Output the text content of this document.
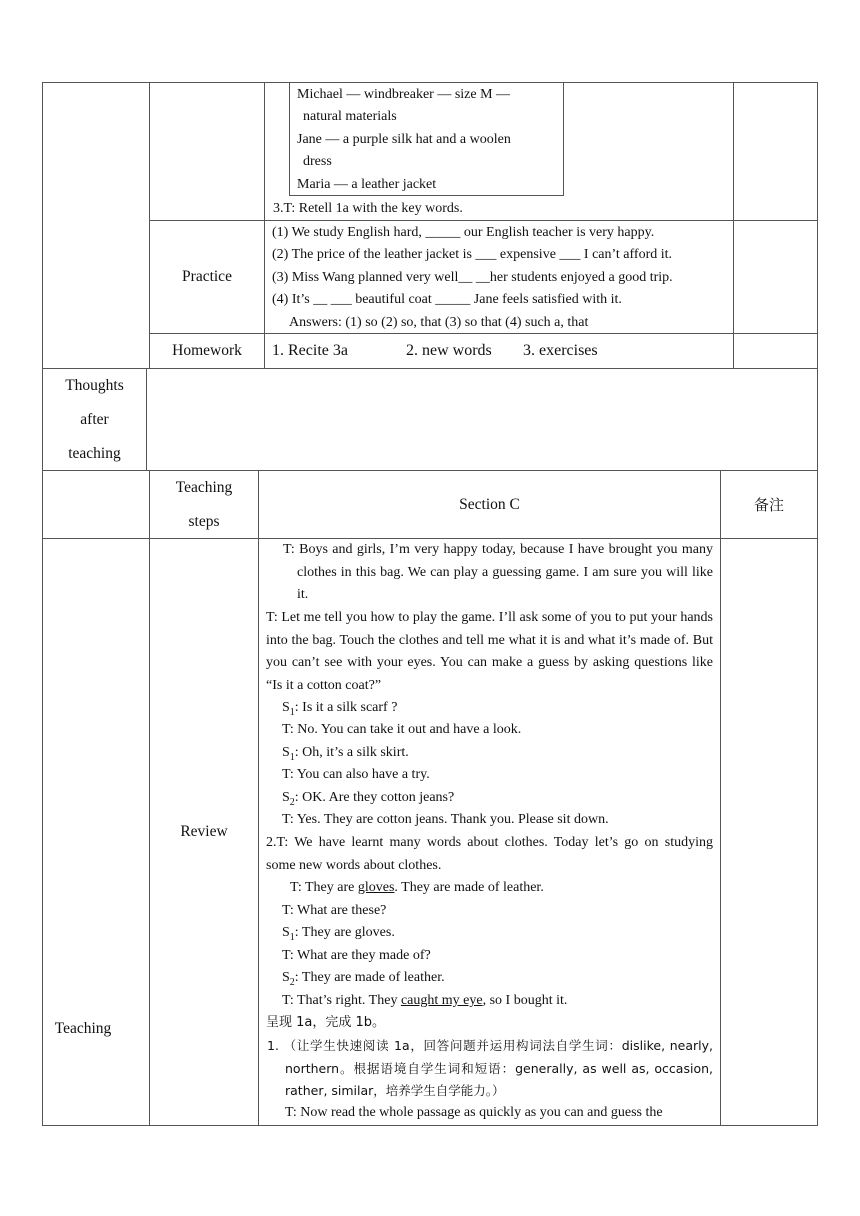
Michael — windbreaker — size M —
natural materials
Jane — a purple silk hat and a woolen
dress
Maria — a leather jacket
3.T: Retell 1a with the key words.
Practice
(1) We study English hard, _____ our English teacher is very happy.
(2) The price of the leather jacket is ___ expensive ___ I can’t afford it.
(3) Miss Wang planned very well__ __her students enjoyed a good trip.
(4) It’s __ ___ beautiful coat _____ Jane feels satisfied with it.
Answers: (1) so (2) so, that (3) so that (4) such a, that
Homework	1. Recite 3a	2. new words 3. exercises
Thoughts
after
teaching
Teaching
steps
Section C	备注
Teaching
Review
T: Boys and girls, I’m very happy today, because I have brought you many clothes in this bag. We can play a guessing game. I am sure you will like it.
T: Let me tell you how to play the game. I’ll ask some of you to put your hands into the bag. Touch the clothes and tell me what it is and what it’s made of. But you can’t see with your eyes. You can make a guess by asking questions like “Is it a cotton coat?”
$S_1$: Is it a silk scarf ?
T: No. You can take it out and have a look.
$S_1$: Oh, it’s a silk skirt.
T: You can also have a try.
$S_2$: OK. Are they cotton jeans?
T: Yes. They are cotton jeans. Thank you. Please sit down.
2.T: We have learnt many words about clothes. Today let’s go on studying some new words about clothes.
T: They are gloves. They are made of leather.
T: What are these?
$S_1$: They are gloves.
T: What are they made of?
$S_2$: They are made of leather.
T: That’s right. They caught my eye, so I bought it.
呈现 1a，完成 1b。
1. （让学生快速阅读 1a，回答问题并运用构词法自学生词：dislike, nearly, northern。根据语境自学生词和短语：generally, as well as, occasion, rather, similar，培养学生自学能力。）
T: Now read the whole passage as quickly as you can and guess the
